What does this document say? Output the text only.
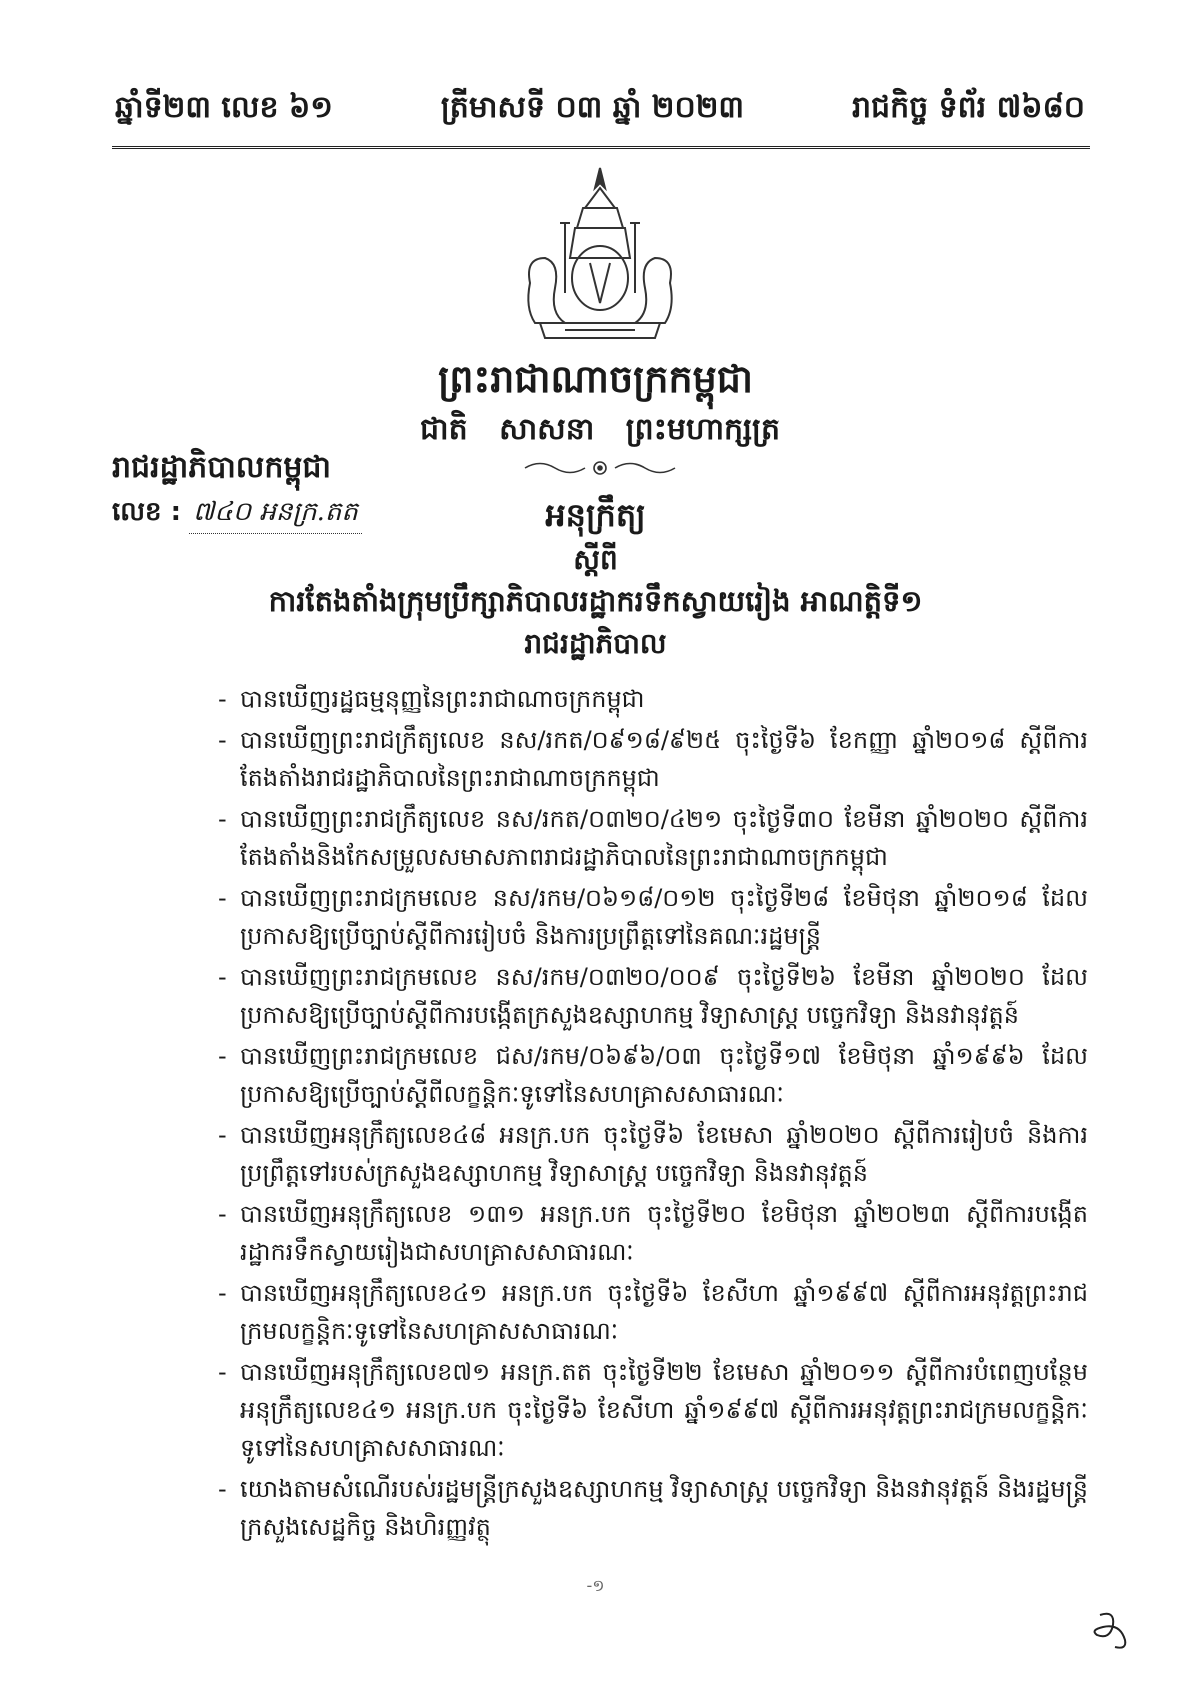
ឆ្នាំទី២៣ លេខ ៦១	ត្រីមាសទី ០៣ ឆ្នាំ ២០២៣	រាជកិច្ច ទំព័រ ៧៦៨០
ព្រះរាជាណាចក្រកម្ពុជា
ជាតិ សាសនា ព្រះមហាក្សត្រ
រាជរដ្ឋាភិបាលកម្ពុជា
លេខ : ៧៤០ អនក្រ.តត	អនុក្រឹត្យ
ស្តីពី
ការតែងតាំងក្រុមប្រឹក្សាភិបាលរដ្ឋាករទឹកស្វាយរៀង អាណត្តិទី១
រាជរដ្ឋាភិបាល
- បានឃើញរដ្ឋធម្មនុញ្ញនៃព្រះរាជាណាចក្រកម្ពុជា
- បានឃើញព្រះរាជក្រឹត្យលេខ នស/រកត/០៩១៨/៩២៥ ចុះថ្ងៃទី៦ ខែកញ្ញា ឆ្នាំ២០១៨ ស្តីពីការតែងតាំងរាជរដ្ឋាភិបាលនៃព្រះរាជាណាចក្រកម្ពុជា
- បានឃើញព្រះរាជក្រឹត្យលេខ នស/រកត/០៣២០/៤២១ ចុះថ្ងៃទី៣០ ខែមីនា ឆ្នាំ២០២០ ស្តីពីការតែងតាំងនិងកែសម្រួលសមាសភាពរាជរដ្ឋាភិបាលនៃព្រះរាជាណាចក្រកម្ពុជា
- បានឃើញព្រះរាជក្រមលេខ នស/រកម/០៦១៨/០១២ ចុះថ្ងៃទី២៨ ខែមិថុនា ឆ្នាំ២០១៨ ដែលប្រកាសឱ្យប្រើច្បាប់ស្តីពីការរៀបចំ និងការប្រព្រឹត្តទៅនៃគណៈរដ្ឋមន្ត្រី
- បានឃើញព្រះរាជក្រមលេខ នស/រកម/០៣២០/០០៩ ចុះថ្ងៃទី២៦ ខែមីនា ឆ្នាំ២០២០ ដែលប្រកាសឱ្យប្រើច្បាប់ស្តីពីការបង្កើតក្រសួងឧស្សាហកម្ម វិទ្យាសាស្ត្រ បច្ចេកវិទ្យា និងនវានុវត្តន៍
- បានឃើញព្រះរាជក្រមលេខ ជស/រកម/០៦៩៦/០៣ ចុះថ្ងៃទី១៧ ខែមិថុនា ឆ្នាំ១៩៩៦ ដែលប្រកាសឱ្យប្រើច្បាប់ស្តីពីលក្ខន្តិកៈទូទៅនៃសហគ្រាសសាធារណៈ
- បានឃើញអនុក្រឹត្យលេខ៤៨ អនក្រ.បក ចុះថ្ងៃទី៦ ខែមេសា ឆ្នាំ២០២០ ស្តីពីការរៀបចំ និងការប្រព្រឹត្តទៅរបស់ក្រសួងឧស្សាហកម្ម វិទ្យាសាស្ត្រ បច្ចេកវិទ្យា និងនវានុវត្តន៍
- បានឃើញអនុក្រឹត្យលេខ ១៣១ អនក្រ.បក ចុះថ្ងៃទី២០ ខែមិថុនា ឆ្នាំ២០២៣ ស្តីពីការបង្កើតរដ្ឋាករទឹកស្វាយរៀងជាសហគ្រាសសាធារណៈ
- បានឃើញអនុក្រឹត្យលេខ៤១ អនក្រ.បក ចុះថ្ងៃទី៦ ខែសីហា ឆ្នាំ១៩៩៧ ស្តីពីការអនុវត្តព្រះរាជក្រមលក្ខន្តិកៈទូទៅនៃសហគ្រាសសាធារណៈ
- បានឃើញអនុក្រឹត្យលេខ៧១ អនក្រ.តត ចុះថ្ងៃទី២២ ខែមេសា ឆ្នាំ២០១១ ស្តីពីការបំពេញបន្ថែមអនុក្រឹត្យលេខ៤១ អនក្រ.បក ចុះថ្ងៃទី៦ ខែសីហា ឆ្នាំ១៩៩៧ ស្តីពីការអនុវត្តព្រះរាជក្រមលក្ខន្តិកៈទូទៅនៃសហគ្រាសសាធារណៈ
- យោងតាមសំណើរបស់រដ្ឋមន្ត្រីក្រសួងឧស្សាហកម្ម វិទ្យាសាស្ត្រ បច្ចេកវិទ្យា និងនវានុវត្តន៍ និងរដ្ឋមន្ត្រីក្រសួងសេដ្ឋកិច្ច និងហិរញ្ញវត្ថុ
-១
